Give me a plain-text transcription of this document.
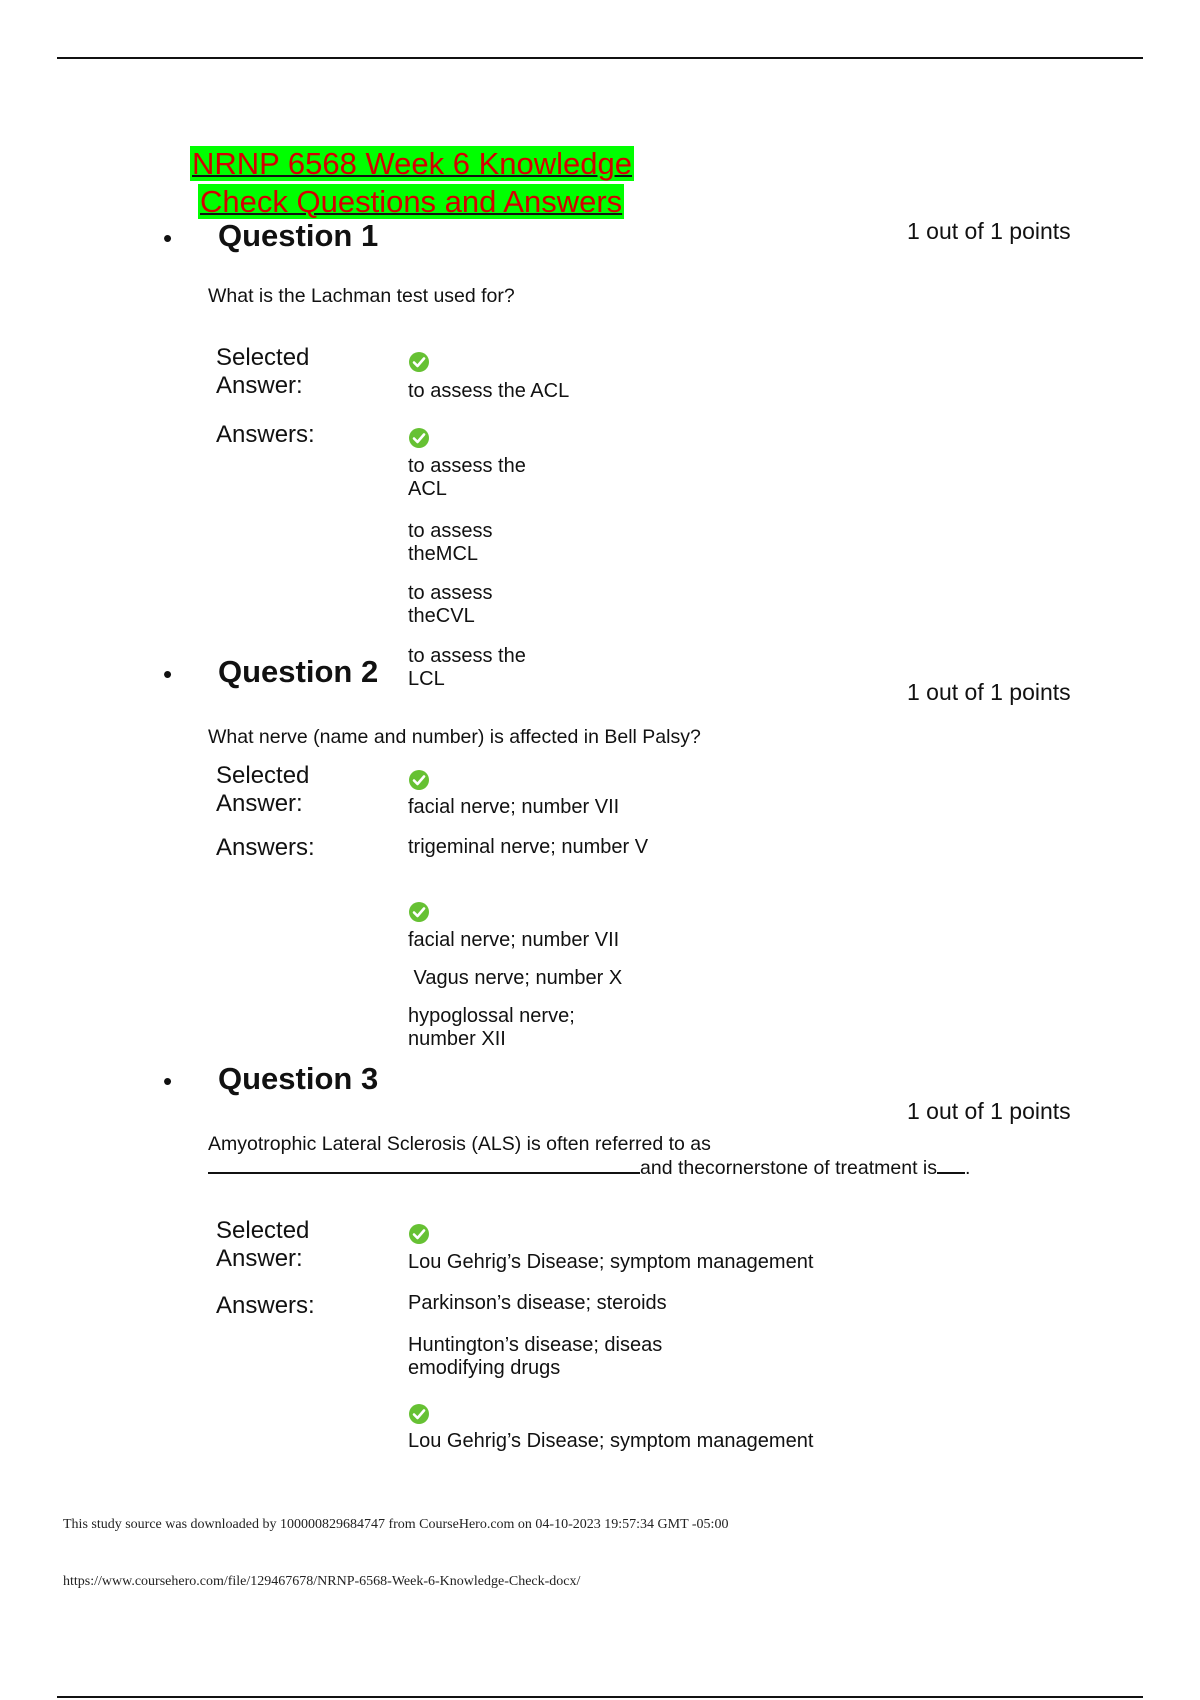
NRNP 6568 Week 6 Knowledge
Check Questions and Answers
• Question 1	1 out of 1 points
What is the Lachman test used for?
Selected Answer:	to assess the ACL
Answers:
to assess the ACL
to assess theMCL
to assess theCVL
to assess the LCL
• Question 2
1 out of 1 points
What nerve (name and number) is affected in Bell Palsy?
Selected Answer:	facial nerve; number VII
Answers:	trigeminal nerve; number V
facial nerve; number VII
Vagus nerve; number X
hypoglossal nerve; number XII
• Question 3
1 out of 1 points
Amyotrophic Lateral Sclerosis (ALS) is often referred to as
and thecornerstone of treatment is .
Selected Answer:	Lou Gehrig’s Disease; symptom management
Answers:	Parkinson’s disease; steroids
Huntington’s disease; diseas emodifying drugs
Lou Gehrig’s Disease; symptom management
This study source was downloaded by 100000829684747 from CourseHero.com on 04-10-2023 19:57:34 GMT -05:00
https://www.coursehero.com/file/129467678/NRNP-6568-Week-6-Knowledge-Check-docx/
